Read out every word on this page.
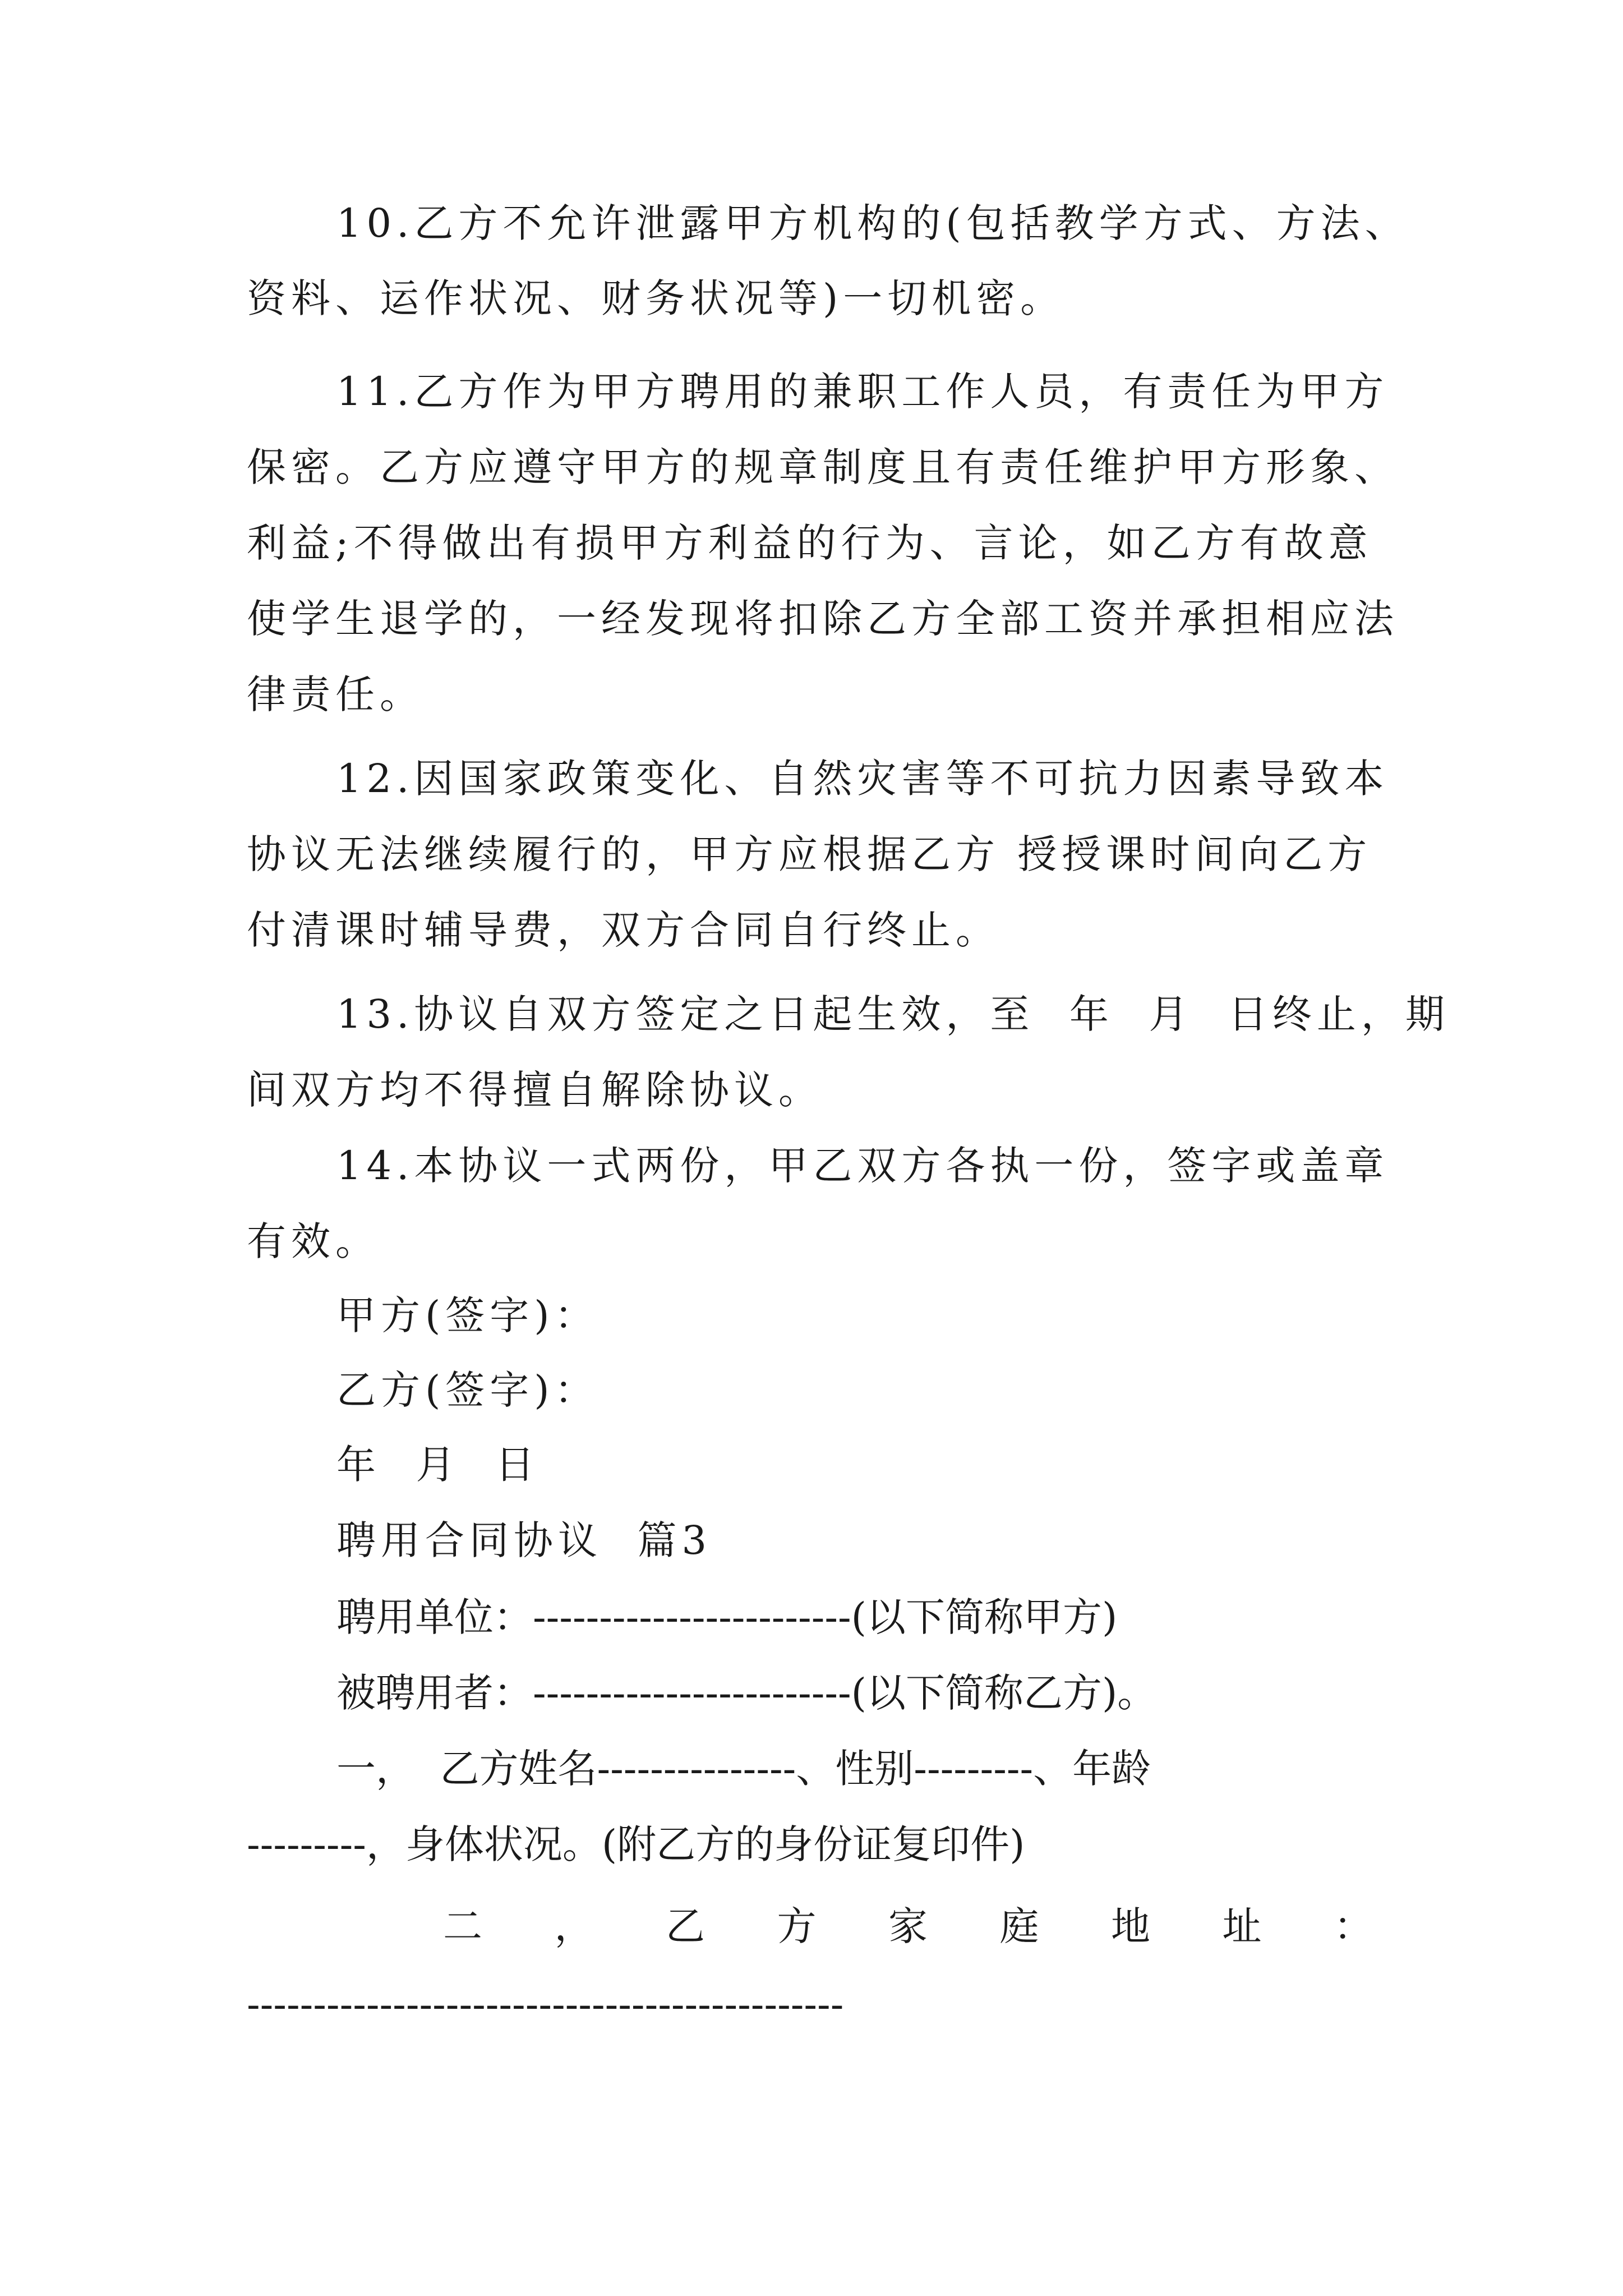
10.乙方不允许泄露甲方机构的(包括教学方式、方法、
资料、运作状况、财务状况等)一切机密。
11.乙方作为甲方聘用的兼职工作人员，有责任为甲方
保密。乙方应遵守甲方的规章制度且有责任维护甲方形象、
利益;不得做出有损甲方利益的行为、言论，如乙方有故意
使学生退学的，一经发现将扣除乙方全部工资并承担相应法
律责任。
12.因国家政策变化、自然灾害等不可抗力因素导致本
协议无法继续履行的，甲方应根据乙方 授授课时间向乙方
付清课时辅导费，双方合同自行终止。
13.协议自双方签定之日起生效，至  年  月  日终止，期
间双方均不得擅自解除协议。
14.本协议一式两份，甲乙双方各执一份，签字或盖章
有效。
甲方(签字)：
乙方(签字)：
年  月  日
聘用合同协议  篇3
聘用单位：------------------------(以下简称甲方)
被聘用者：------------------------(以下简称乙方)。
一，  乙方姓名---------------、性别---------、年龄
---------，身体状况。(附乙方的身份证复印件)
二 ， 乙 方 家 庭 地 址 ：
---------------------------------------------
